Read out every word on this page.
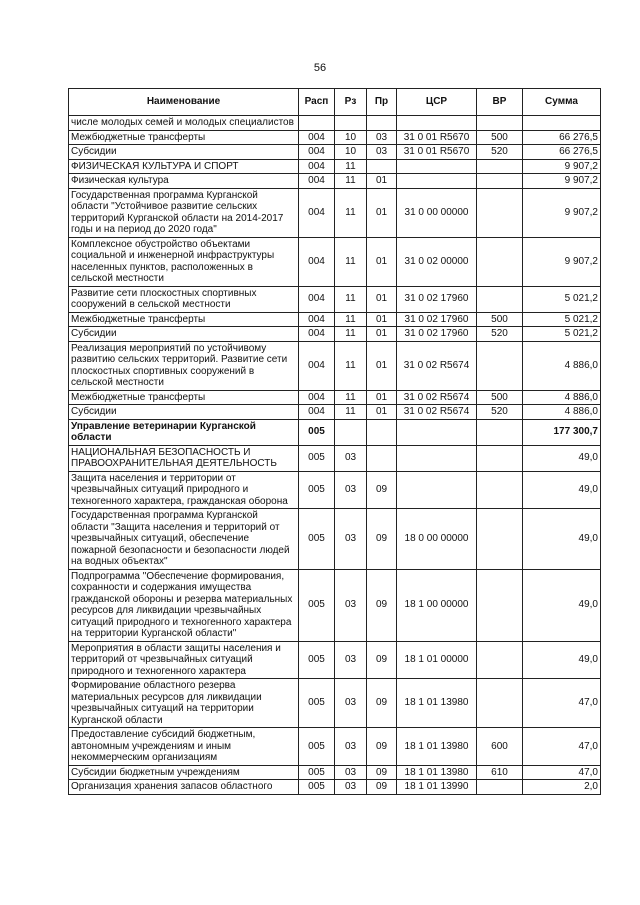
56
Наименование	Расп	Рз	Пр	ЦСР	ВР	Сумма
числе молодых семей и молодых специалистов						
Межбюджетные трансферты	004	10	03	31 0 01 R5670	500	66 276,5
Субсидии	004	10	03	31 0 01 R5670	520	66 276,5
ФИЗИЧЕСКАЯ КУЛЬТУРА И СПОРТ	004	11				9 907,2
Физическая культура	004	11	01			9 907,2
Государственная программа Курганской области "Устойчивое развитие сельских территорий Курганской области на 2014-2017 годы и на период до 2020 года"	004	11	01	31 0 00 00000		9 907,2
Комплексное обустройство объектами социальной и инженерной инфраструктуры населенных пунктов, расположенных в сельской местности	004	11	01	31 0 02 00000		9 907,2
Развитие сети плоскостных спортивных сооружений в сельской местности	004	11	01	31 0 02 17960		5 021,2
Межбюджетные трансферты	004	11	01	31 0 02 17960	500	5 021,2
Субсидии	004	11	01	31 0 02 17960	520	5 021,2
Реализация мероприятий по устойчивому развитию сельских территорий. Развитие сети плоскостных спортивных сооружений в сельской местности	004	11	01	31 0 02 R5674		4 886,0
Межбюджетные трансферты	004	11	01	31 0 02 R5674	500	4 886,0
Субсидии	004	11	01	31 0 02 R5674	520	4 886,0
Управление ветеринарии Курганской области	005					177 300,7
НАЦИОНАЛЬНАЯ БЕЗОПАСНОСТЬ И ПРАВООХРАНИТЕЛЬНАЯ ДЕЯТЕЛЬНОСТЬ	005	03				49,0
Защита населения и территории от чрезвычайных ситуаций природного и техногенного характера, гражданская оборона	005	03	09			49,0
Государственная программа Курганской области "Защита населения и территорий от чрезвычайных ситуаций, обеспечение пожарной безопасности и безопасности людей на водных объектах"	005	03	09	18 0 00 00000		49,0
Подпрограмма "Обеспечение формирования, сохранности и содержания имущества гражданской обороны и резерва материальных ресурсов для ликвидации чрезвычайных ситуаций природного и техногенного характера на территории Курганской области"	005	03	09	18 1 00 00000		49,0
Мероприятия в области защиты населения и территорий от чрезвычайных ситуаций природного и техногенного характера	005	03	09	18 1 01 00000		49,0
Формирование областного резерва материальных ресурсов для ликвидации чрезвычайных ситуаций на территории Курганской области	005	03	09	18 1 01 13980		47,0
Предоставление субсидий бюджетным, автономным учреждениям и иным некоммерческим организациям	005	03	09	18 1 01 13980	600	47,0
Субсидии бюджетным учреждениям	005	03	09	18 1 01 13980	610	47,0
Организация хранения запасов областного	005	03	09	18 1 01 13990		2,0
